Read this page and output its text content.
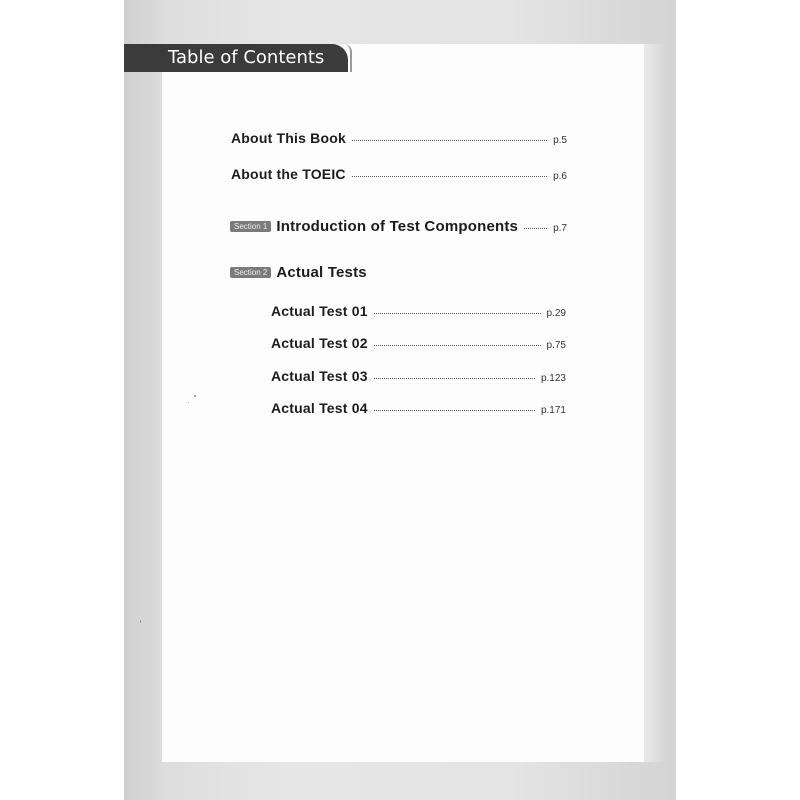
Table of Contents
About This Book	p.5
About the TOEIC	p.6
Section 1 Introduction of Test Components	p.7
Section 2 Actual Tests
Actual Test 01	p.29
Actual Test 02	p.75
Actual Test 03	p.123
Actual Test 04	p.171
